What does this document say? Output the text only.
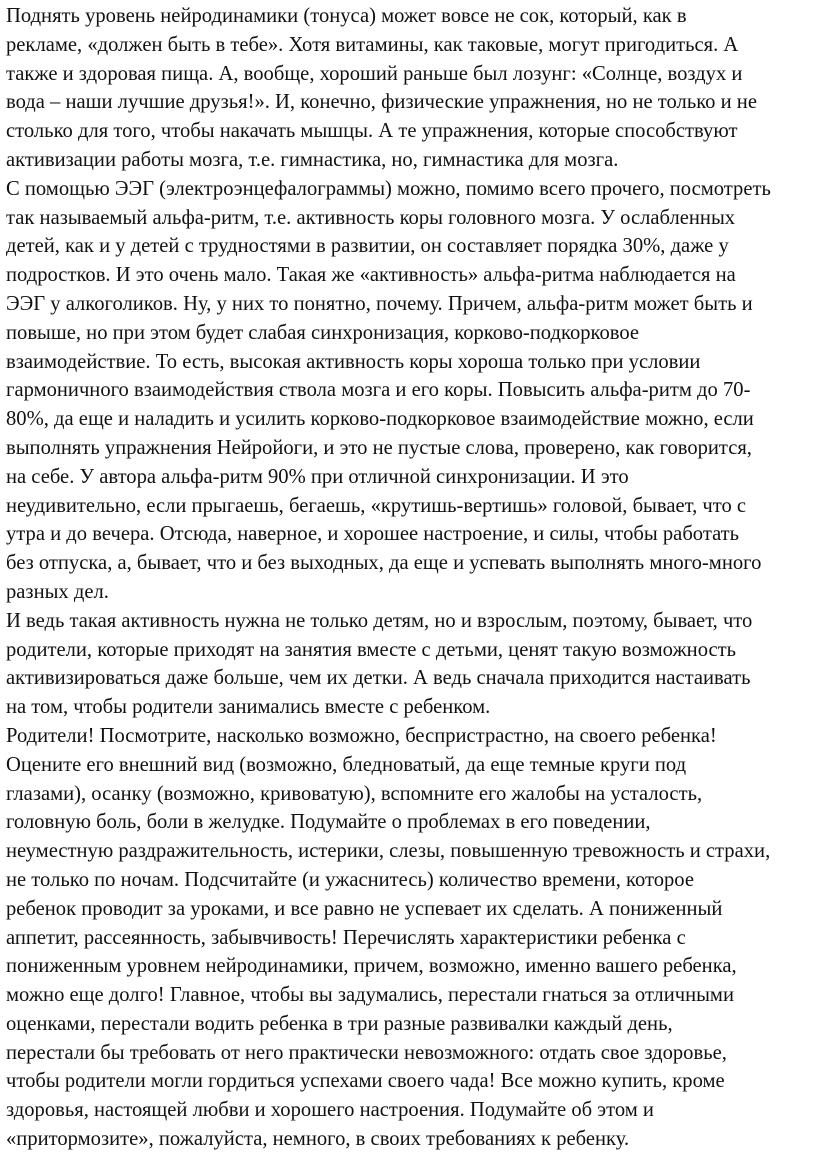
Поднять уровень нейродинамики (тонуса) может вовсе не сок, который, как в
рекламе, «должен быть в тебе». Хотя витамины, как таковые, могут пригодиться. А
также и здоровая пища. А, вообще, хороший раньше был лозунг: «Солнце, воздух и
вода – наши лучшие друзья!». И, конечно, физические упражнения, но не только и не
столько для того, чтобы накачать мышцы. А те упражнения, которые способствуют
активизации работы мозга, т.е. гимнастика, но, гимнастика для мозга.
С помощью ЭЭГ (электроэнцефалограммы) можно, помимо всего прочего, посмотреть
так называемый альфа-ритм, т.е. активность коры головного мозга. У ослабленных
детей, как и у детей с трудностями в развитии, он составляет порядка 30%, даже у
подростков. И это очень мало. Такая же «активность» альфа-ритма наблюдается на
ЭЭГ у алкоголиков. Ну, у них то понятно, почему. Причем, альфа-ритм может быть и
повыше, но при этом будет слабая синхронизация, корково-подкорковое
взаимодействие. То есть, высокая активность коры хороша только при условии
гармоничного взаимодействия ствола мозга и его коры. Повысить альфа-ритм до 70-
80%, да еще и наладить и усилить корково-подкорковое взаимодействие можно, если
выполнять упражнения Нейройоги, и это не пустые слова, проверено, как говорится,
на себе. У автора альфа-ритм 90% при отличной синхронизации. И это
неудивительно, если прыгаешь, бегаешь, «крутишь-вертишь» головой, бывает, что с
утра и до вечера. Отсюда, наверное, и хорошее настроение, и силы, чтобы работать
без отпуска, а, бывает, что и без выходных, да еще и успевать выполнять много-много
разных дел.
И ведь такая активность нужна не только детям, но и взрослым, поэтому, бывает, что
родители, которые приходят на занятия вместе с детьми, ценят такую возможность
активизироваться даже больше, чем их детки. А ведь сначала приходится настаивать
на том, чтобы родители занимались вместе с ребенком.
Родители! Посмотрите, насколько возможно, беспристрастно, на своего ребенка!
Оцените его внешний вид (возможно, бледноватый, да еще темные круги под
глазами), осанку (возможно, кривоватую), вспомните его жалобы на усталость,
головную боль, боли в желудке. Подумайте о проблемах в его поведении,
неуместную раздражительность, истерики, слезы, повышенную тревожность и страхи,
не только по ночам. Подсчитайте (и ужаснитесь) количество времени, которое
ребенок проводит за уроками, и все равно не успевает их сделать. А пониженный
аппетит, рассеянность, забывчивость! Перечислять характеристики ребенка с
пониженным уровнем нейродинамики, причем, возможно, именно вашего ребенка,
можно еще долго! Главное, чтобы вы задумались, перестали гнаться за отличными
оценками, перестали водить ребенка в три разные развивалки каждый день,
перестали бы требовать от него практически невозможного: отдать свое здоровье,
чтобы родители могли гордиться успехами своего чада! Все можно купить, кроме
здоровья, настоящей любви и хорошего настроения. Подумайте об этом и
«притормозите», пожалуйста, немного, в своих требованиях к ребенку.
